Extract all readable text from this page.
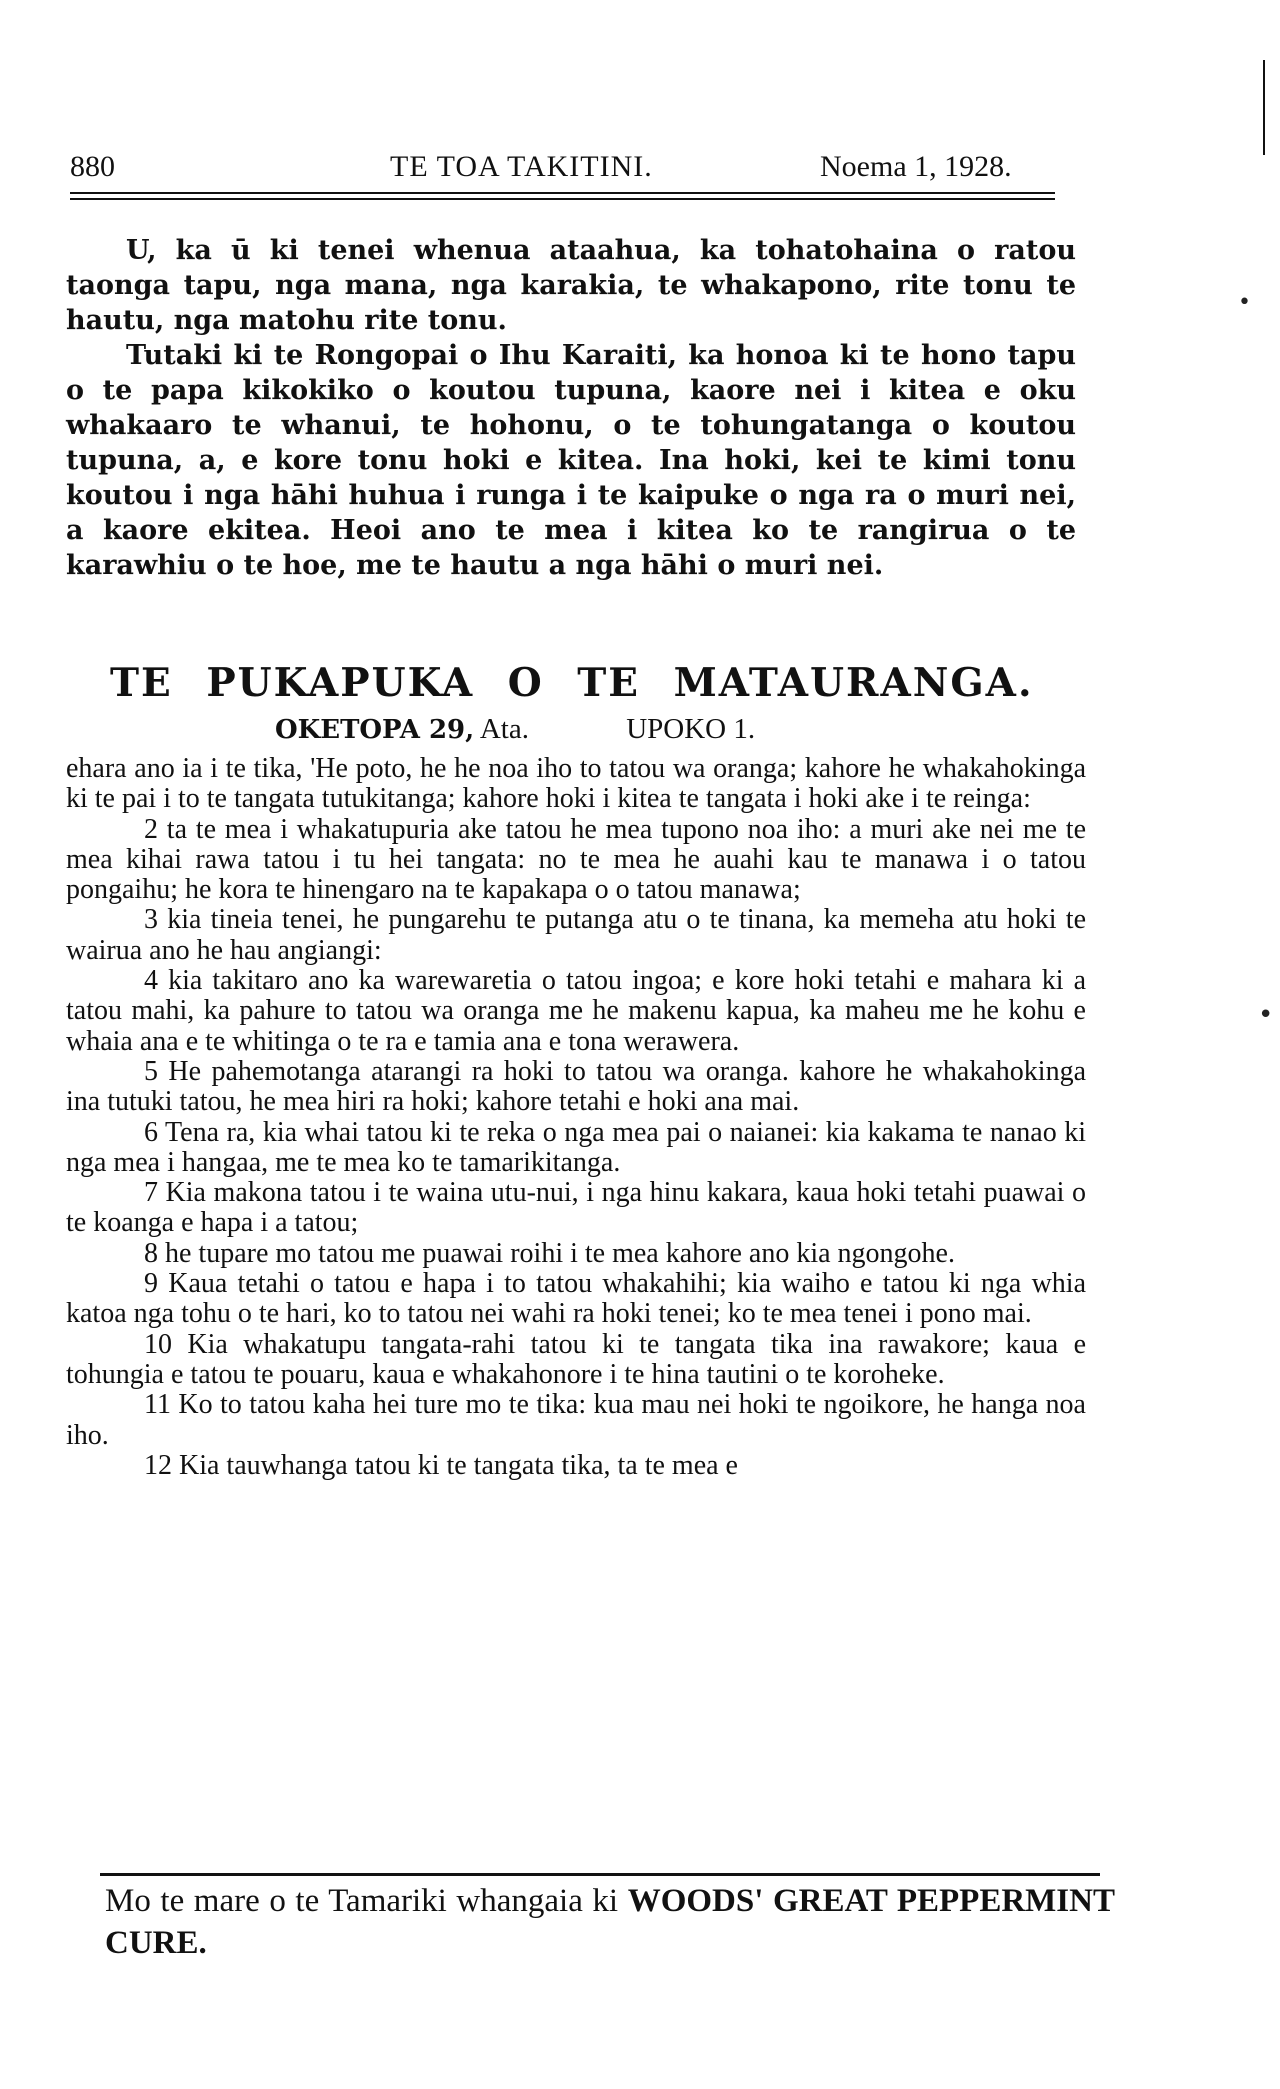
880	TE TOA TAKITINI.	Noema 1, 1928.

U, ka ū ki tenei whenua ataahua, ka tohatohaina o ratou taonga tapu, nga mana, nga karakia, te whakapono, rite tonu te hautu, nga matohu rite tonu.

Tutaki ki te Rongopai o Ihu Karaiti, ka honoa ki te hono tapu o te papa kikokiko o koutou tupuna, kaore nei i kitea e oku whakaaro te whanui, te hohonu, o te tohungatanga o koutou tupuna, a, e kore tonu hoki e kitea. Ina hoki, kei te kimi tonu koutou i nga hāhi huhua i runga i te kaipuke o nga ra o muri nei, a kaore ekitea. Heoi ano te mea i kitea ko te rangirua o te karawhiu o te hoe, me te hautu a nga hāhi o muri nei.

TE PUKAPUKA O TE MATAURANGA.
OKETOPA 29, Ata.	UPOKO 1.

ehara ano ia i te tika, 'He poto, he he noa iho to tatou wa oranga; kahore he whakahokinga ki te pai i to te tangata tutukitanga; kahore hoki i kitea te tangata i hoki ake i te reinga:

2 ta te mea i whakatupuria ake tatou he mea tupono noa iho: a muri ake nei me te mea kihai rawa tatou i tu hei tangata: no te mea he auahi kau te manawa i o tatou pongaihu; he kora te hinengaro na te kapakapa o o tatou manawa;

3 kia tineia tenei, he pungarehu te putanga atu o te tinana, ka memeha atu hoki te wairua ano he hau angiangi:

4 kia takitaro ano ka warewaretia o tatou ingoa; e kore hoki tetahi e mahara ki a tatou mahi, ka pahure to tatou wa oranga me he makenu kapua, ka maheu me he kohu e whaia ana e te whitinga o te ra e tamia ana e tona werawera.

5 He pahemotanga atarangi ra hoki to tatou wa oranga. kahore he whakahokinga ina tutuki tatou, he mea hiri ra hoki; kahore tetahi e hoki ana mai.

6 Tena ra, kia whai tatou ki te reka o nga mea pai o naianei: kia kakama te nanao ki nga mea i hangaa, me te mea ko te tamarikitanga.

7 Kia makona tatou i te waina utu-nui, i nga hinu kakara, kaua hoki tetahi puawai o te koanga e hapa i a tatou;

8 he tupare mo tatou me puawai roihi i te mea kahore ano kia ngongohe.

9 Kaua tetahi o tatou e hapa i to tatou whakahihi; kia waiho e tatou ki nga whia katoa nga tohu o te hari, ko to tatou nei wahi ra hoki tenei; ko te mea tenei i pono mai.

10 Kia whakatupu tangata-rahi tatou ki te tangata tika ina rawakore; kaua e tohungia e tatou te pouaru, kaua e whakahonore i te hina tautini o te koroheke.

11 Ko to tatou kaha hei ture mo te tika: kua mau nei hoki te ngoikore, he hanga noa iho.

12 Kia tauwhanga tatou ki te tangata tika, ta te mea e

Mo te mare o te Tamariki whangaia ki WOODS' GREAT PEPPERMINT CURE.
•
•
